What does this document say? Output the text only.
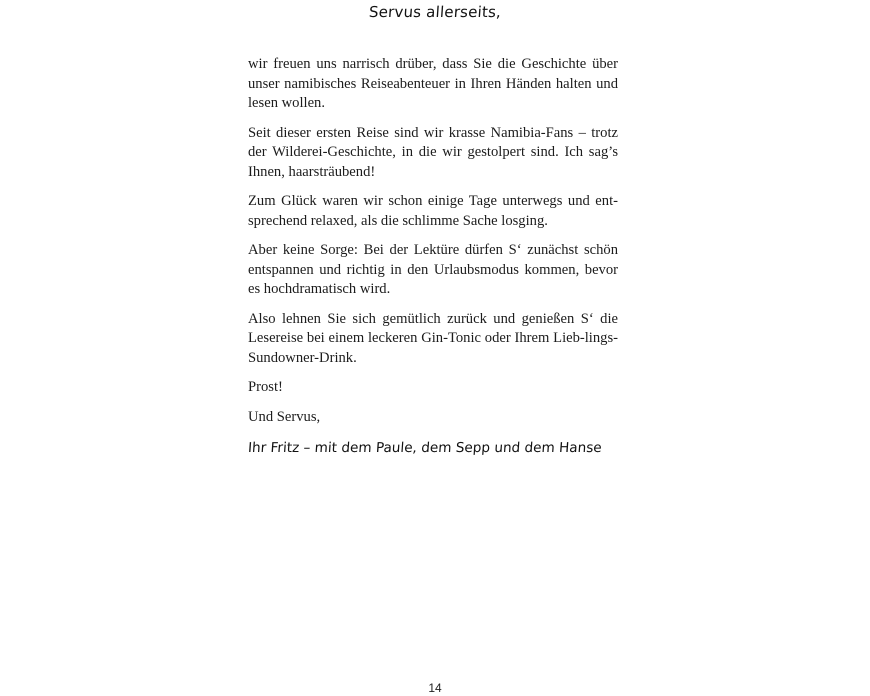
Servus allerseits,

wir freuen uns narrisch drüber, dass Sie die Geschichte über unser namibisches Reiseabenteuer in Ihren Händen halten und lesen wollen.

Seit dieser ersten Reise sind wir krasse Namibia-Fans – trotz der Wilderei-Geschichte, in die wir gestolpert sind. Ich sag’s Ihnen, haarsträubend!

Zum Glück waren wir schon einige Tage unterwegs und ent-sprechend relaxed, als die schlimme Sache losging.

Aber keine Sorge: Bei der Lektüre dürfen S‘ zunächst schön entspannen und richtig in den Urlaubsmodus kommen, bevor es hochdramatisch wird.

Also lehnen Sie sich gemütlich zurück und genießen S‘ die Lesereise bei einem leckeren Gin-Tonic oder Ihrem Lieb-lings-Sundowner-Drink.

Prost!

Und Servus,

Ihr Fritz – mit dem Paule, dem Sepp und dem Hanse
14
